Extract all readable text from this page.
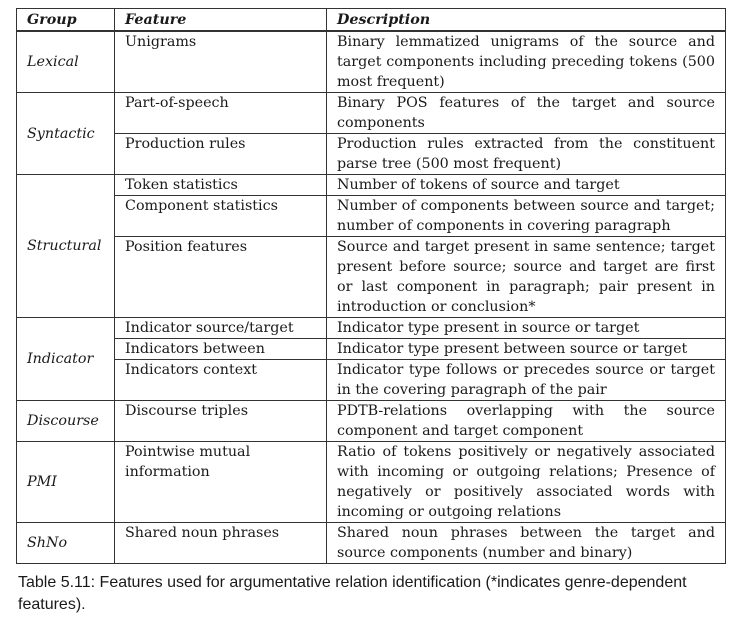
Group	Feature	Description
Lexical	Unigrams	Binary lemmatized unigrams of the source and target components including preceding tokens (500 most frequent)
Syntactic	Part-of-speech	Binary POS features of the target and source components
	Production rules	Production rules extracted from the constituent parse tree (500 most frequent)
Structural	Token statistics	Number of tokens of source and target
	Component statistics	Number of components between source and target; number of components in covering paragraph
	Position features	Source and target present in same sentence; target present before source; source and target are first or last component in paragraph; pair present in introduction or conclusion*
Indicator	Indicator source/target	Indicator type present in source or target
	Indicators between	Indicator type present between source or target
	Indicators context	Indicator type follows or precedes source or target in the covering paragraph of the pair
Discourse	Discourse triples	PDTB-relations overlapping with the source component and target component
PMI	Pointwise mutual information	Ratio of tokens positively or negatively associated with incoming or outgoing relations; Presence of negatively or positively associated words with incoming or outgoing relations
ShNo	Shared noun phrases	Shared noun phrases between the target and source components (number and binary)
Table 5.11: Features used for argumentative relation identification (*indicates genre-dependent features).
